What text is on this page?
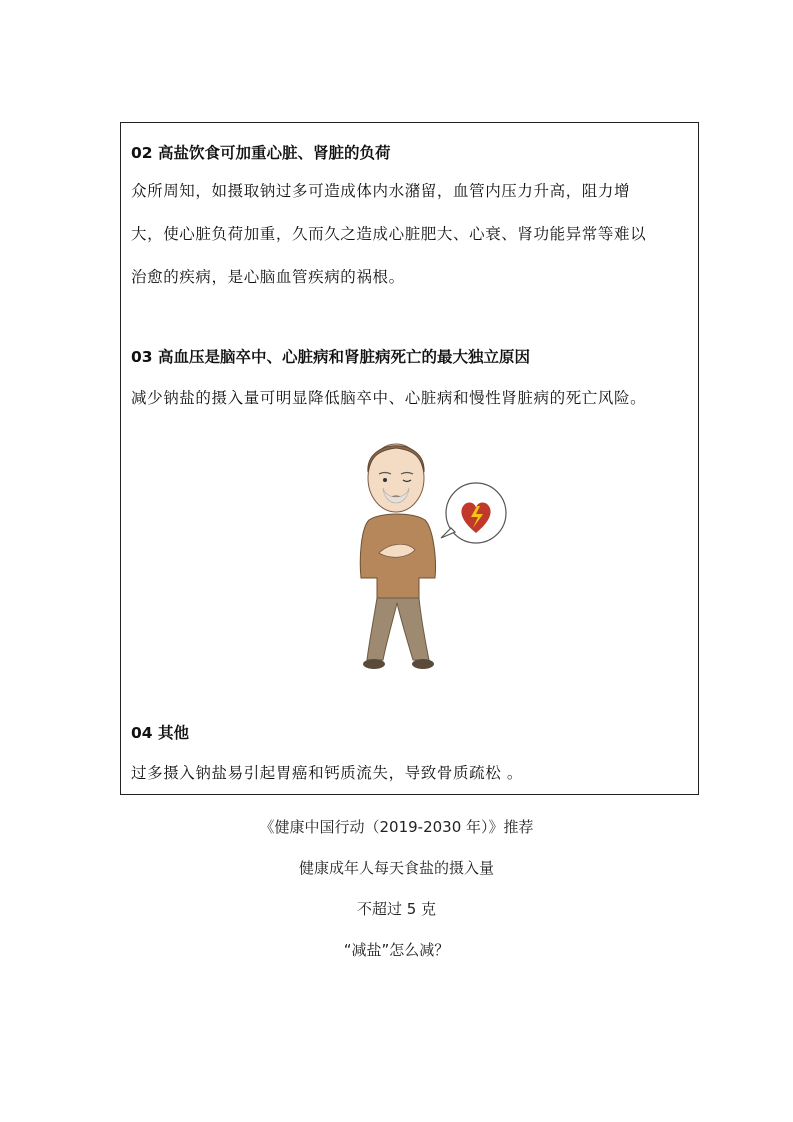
02 高盐饮食可加重心脏、肾脏的负荷
众所周知，如摄取钠过多可造成体内水潴留，血管内压力升高，阻力增
大，使心脏负荷加重，久而久之造成心脏肥大、心衰、肾功能异常等难以
治愈的疾病，是心脑血管疾病的祸根。
03 高血压是脑卒中、心脏病和肾脏病死亡的最大独立原因
减少钠盐的摄入量可明显降低脑卒中、心脏病和慢性肾脏病的死亡风险。
04 其他
过多摄入钠盐易引起胃癌和钙质流失，导致骨质疏松 。
《健康中国行动（2019-2030 年）》推荐
健康成年人每天食盐的摄入量
不超过 5 克
“减盐”怎么减？
